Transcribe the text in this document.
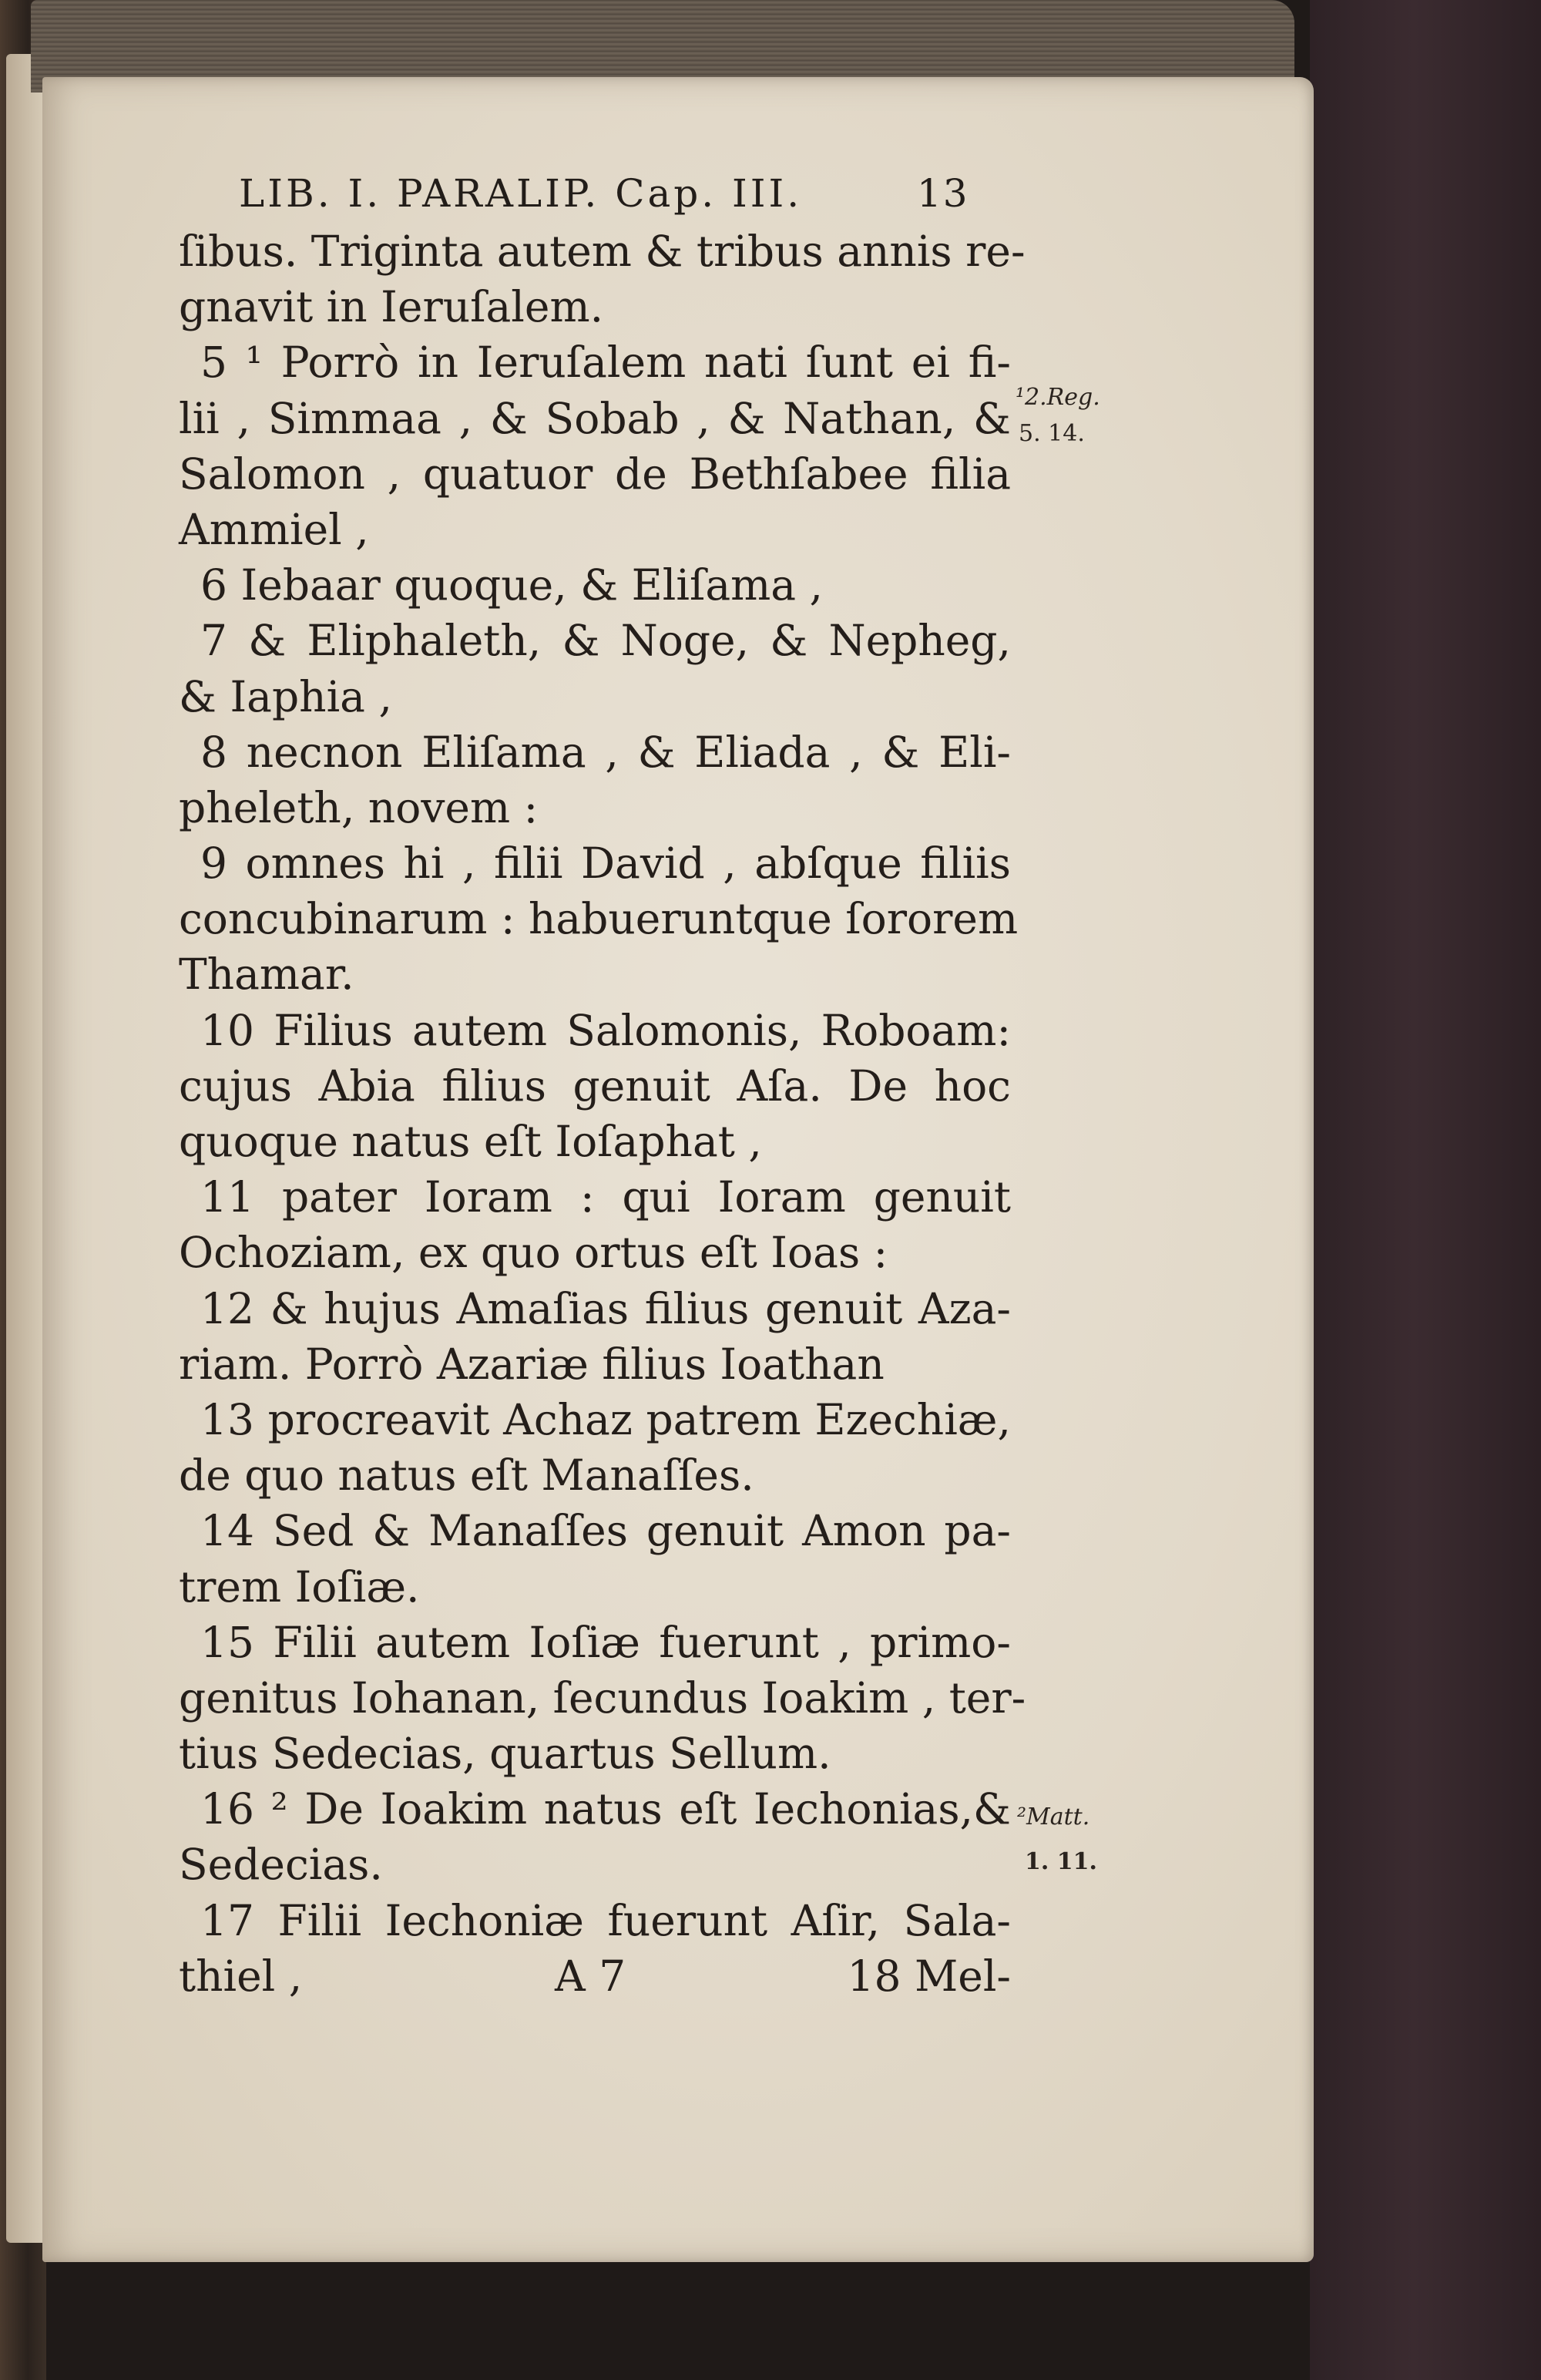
LIB. I. PARALIP. Cap. III.	13
ſibus. Triginta autem & tribus annis re-
gnavit in Ieruſalem.
5 ¹ Porrò in Ieruſalem nati ſunt ei fi-
lii , Simmaa , & Sobab , & Nathan, &
Salomon , quatuor de Bethſabee filia
Ammiel ,
6 Iebaar quoque, & Eliſama ,
7 & Eliphaleth, & Noge, & Nepheg,
& Iaphia ,
8 necnon Eliſama , & Eliada , & Eli-
pheleth, novem :
9 omnes hi , filii David , abſque filiis
concubinarum : habueruntque ſororem
Thamar.
10 Filius autem Salomonis, Roboam:
cujus Abia filius genuit Aſa. De hoc
quoque natus eſt Ioſaphat ,
11 pater Ioram : qui Ioram genuit
Ochoziam, ex quo ortus eſt Ioas :
12 & hujus Amaſias filius genuit Aza-
riam. Porrò Azariæ filius Ioathan
13 procreavit Achaz patrem Ezechiæ,
de quo natus eſt Manaſſes.
14 Sed & Manaſſes genuit Amon pa-
trem Ioſiæ.
15 Filii autem Ioſiæ fuerunt , primo-
genitus Iohanan, ſecundus Ioakim , ter-
tius Sedecias, quartus Sellum.
16 ² De Ioakim natus eſt Iechonias,&
Sedecias.
17 Filii Iechoniæ fuerunt Aſir, Sala-
thiel ,	A 7	18 Mel-
¹2.Reg.
5. 14.
²Matt.
1. 11.
